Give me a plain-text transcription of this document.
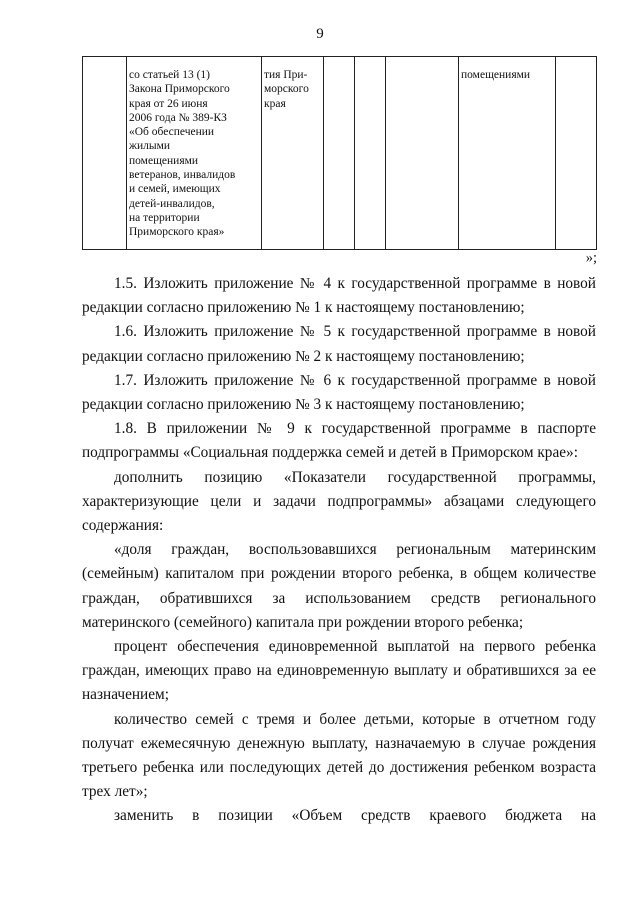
9
	со статьей 13 (1)
Закона Приморского
края от 26 июня
2006 года № 389-КЗ
«Об обеспечении
жилыми
помещениями
ветеранов, инвалидов
и семей, имеющих
детей-инвалидов,
на территории
Приморского края»	тия При-
морского
края				помещениями	
»;

1.5. Изложить приложение № 4 к государственной программе в новой редакции согласно приложению № 1 к настоящему постановлению;

1.6. Изложить приложение № 5 к государственной программе в новой редакции согласно приложению № 2 к настоящему постановлению;

1.7. Изложить приложение № 6 к государственной программе в новой редакции согласно приложению № 3 к настоящему постановлению;

1.8. В приложении № 9 к государственной программе в паспорте подпрограммы «Социальная поддержка семей и детей в Приморском крае»:

дополнить позицию «Показатели государственной программы, характеризующие цели и задачи подпрограммы» абзацами следующего содержания:

«доля граждан, воспользовавшихся региональным материнским (семейным) капиталом при рождении второго ребенка, в общем количестве граждан, обратившихся за использованием средств регионального материнского (семейного) капитала при рождении второго ребенка;

процент обеспечения единовременной выплатой на первого ребенка граждан, имеющих право на единовременную выплату и обратившихся за ее назначением;

количество семей с тремя и более детьми, которые в отчетном году получат ежемесячную денежную выплату, назначаемую в случае рождения третьего ребенка или последующих детей до достижения ребенком возраста трех лет»;

заменить в позиции «Объем средств краевого бюджета на
